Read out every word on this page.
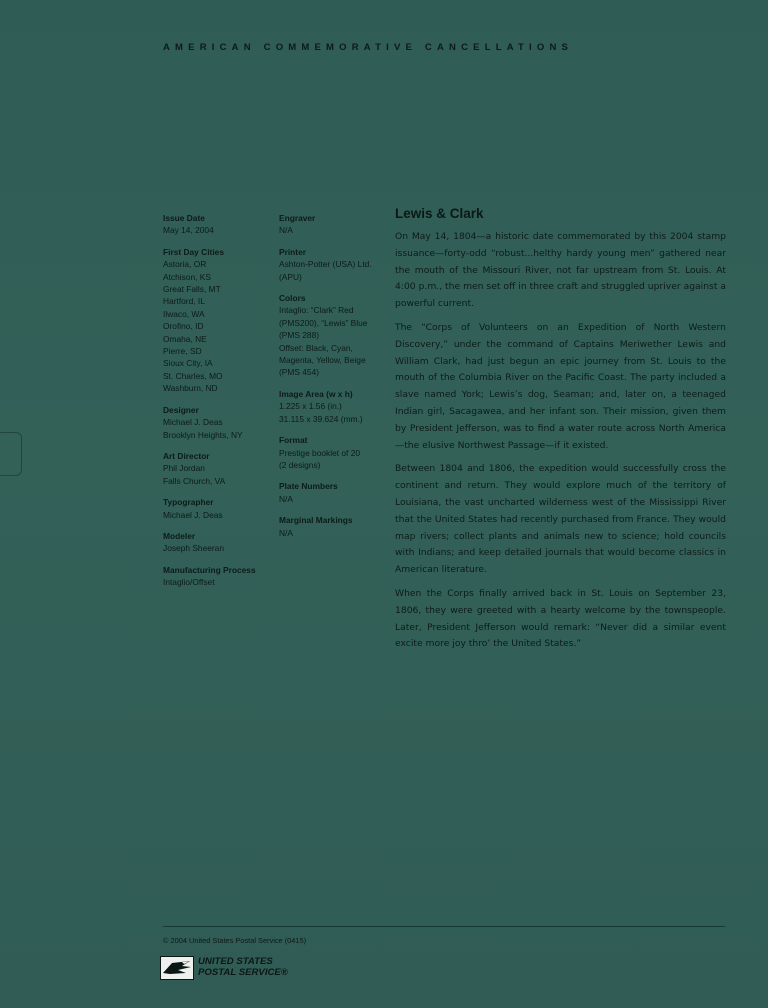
AMERICAN COMMEMORATIVE CANCELLATIONS
Issue Date
May 14, 2004
First Day Cities
Astoria, OR
Atchison, KS
Great Falls, MT
Hartford, IL
Ilwaco, WA
Orofino, ID
Omaha, NE
Pierre, SD
Sioux City, IA
St. Charles, MO
Washburn, ND
Designer
Michael J. Deas
Brooklyn Heights, NY
Art Director
Phil Jordan
Falls Church, VA
Typographer
Michael J. Deas
Modeler
Joseph Sheeran
Manufacturing Process
Intaglio/Offset
Engraver
N/A
Printer
Ashton-Potter (USA) Ltd.
(APU)
Colors
Intaglio: “Clark” Red
(PMS200), “Lewis” Blue
(PMS 288)
Offset: Black, Cyan,
Magenta, Yellow, Beige
(PMS 454)
Image Area (w x h)
1.225 x 1.56 (in.)
31.115 x 39.624 (mm.)
Format
Prestige booklet of 20
(2 designs)
Plate Numbers
N/A
Marginal Markings
N/A
Lewis & Clark

On May 14, 1804—a historic date commemorated by this 2004 stamp issuance—forty-odd “robust...helthy hardy young men” gathered near the mouth of the Missouri River, not far upstream from St. Louis. At 4:00 p.m., the men set off in three craft and struggled upriver against a powerful current.

The “Corps of Volunteers on an Expedition of North Western Discovery,” under the command of Captains Meriwether Lewis and William Clark, had just begun an epic journey from St. Louis to the mouth of the Columbia River on the Pacific Coast. The party included a slave named York; Lewis’s dog, Seaman; and, later on, a teenaged Indian girl, Sacagawea, and her infant son. Their mission, given them by President Jefferson, was to find a water route across North America—the elusive Northwest Passage—if it existed.

Between 1804 and 1806, the expedition would successfully cross the continent and return. They would explore much of the territory of Louisiana, the vast uncharted wilderness west of the Mississippi River that the United States had recently purchased from France. They would map rivers; collect plants and animals new to science; hold councils with Indians; and keep detailed journals that would become classics in American literature.

When the Corps finally arrived back in St. Louis on September 23, 1806, they were greeted with a hearty welcome by the townspeople. Later, President Jefferson would remark: “Never did a similar event excite more joy thro’ the United States.”

© 2004 United States Postal Service (0415)
UNITED STATES
POSTAL SERVICE®
